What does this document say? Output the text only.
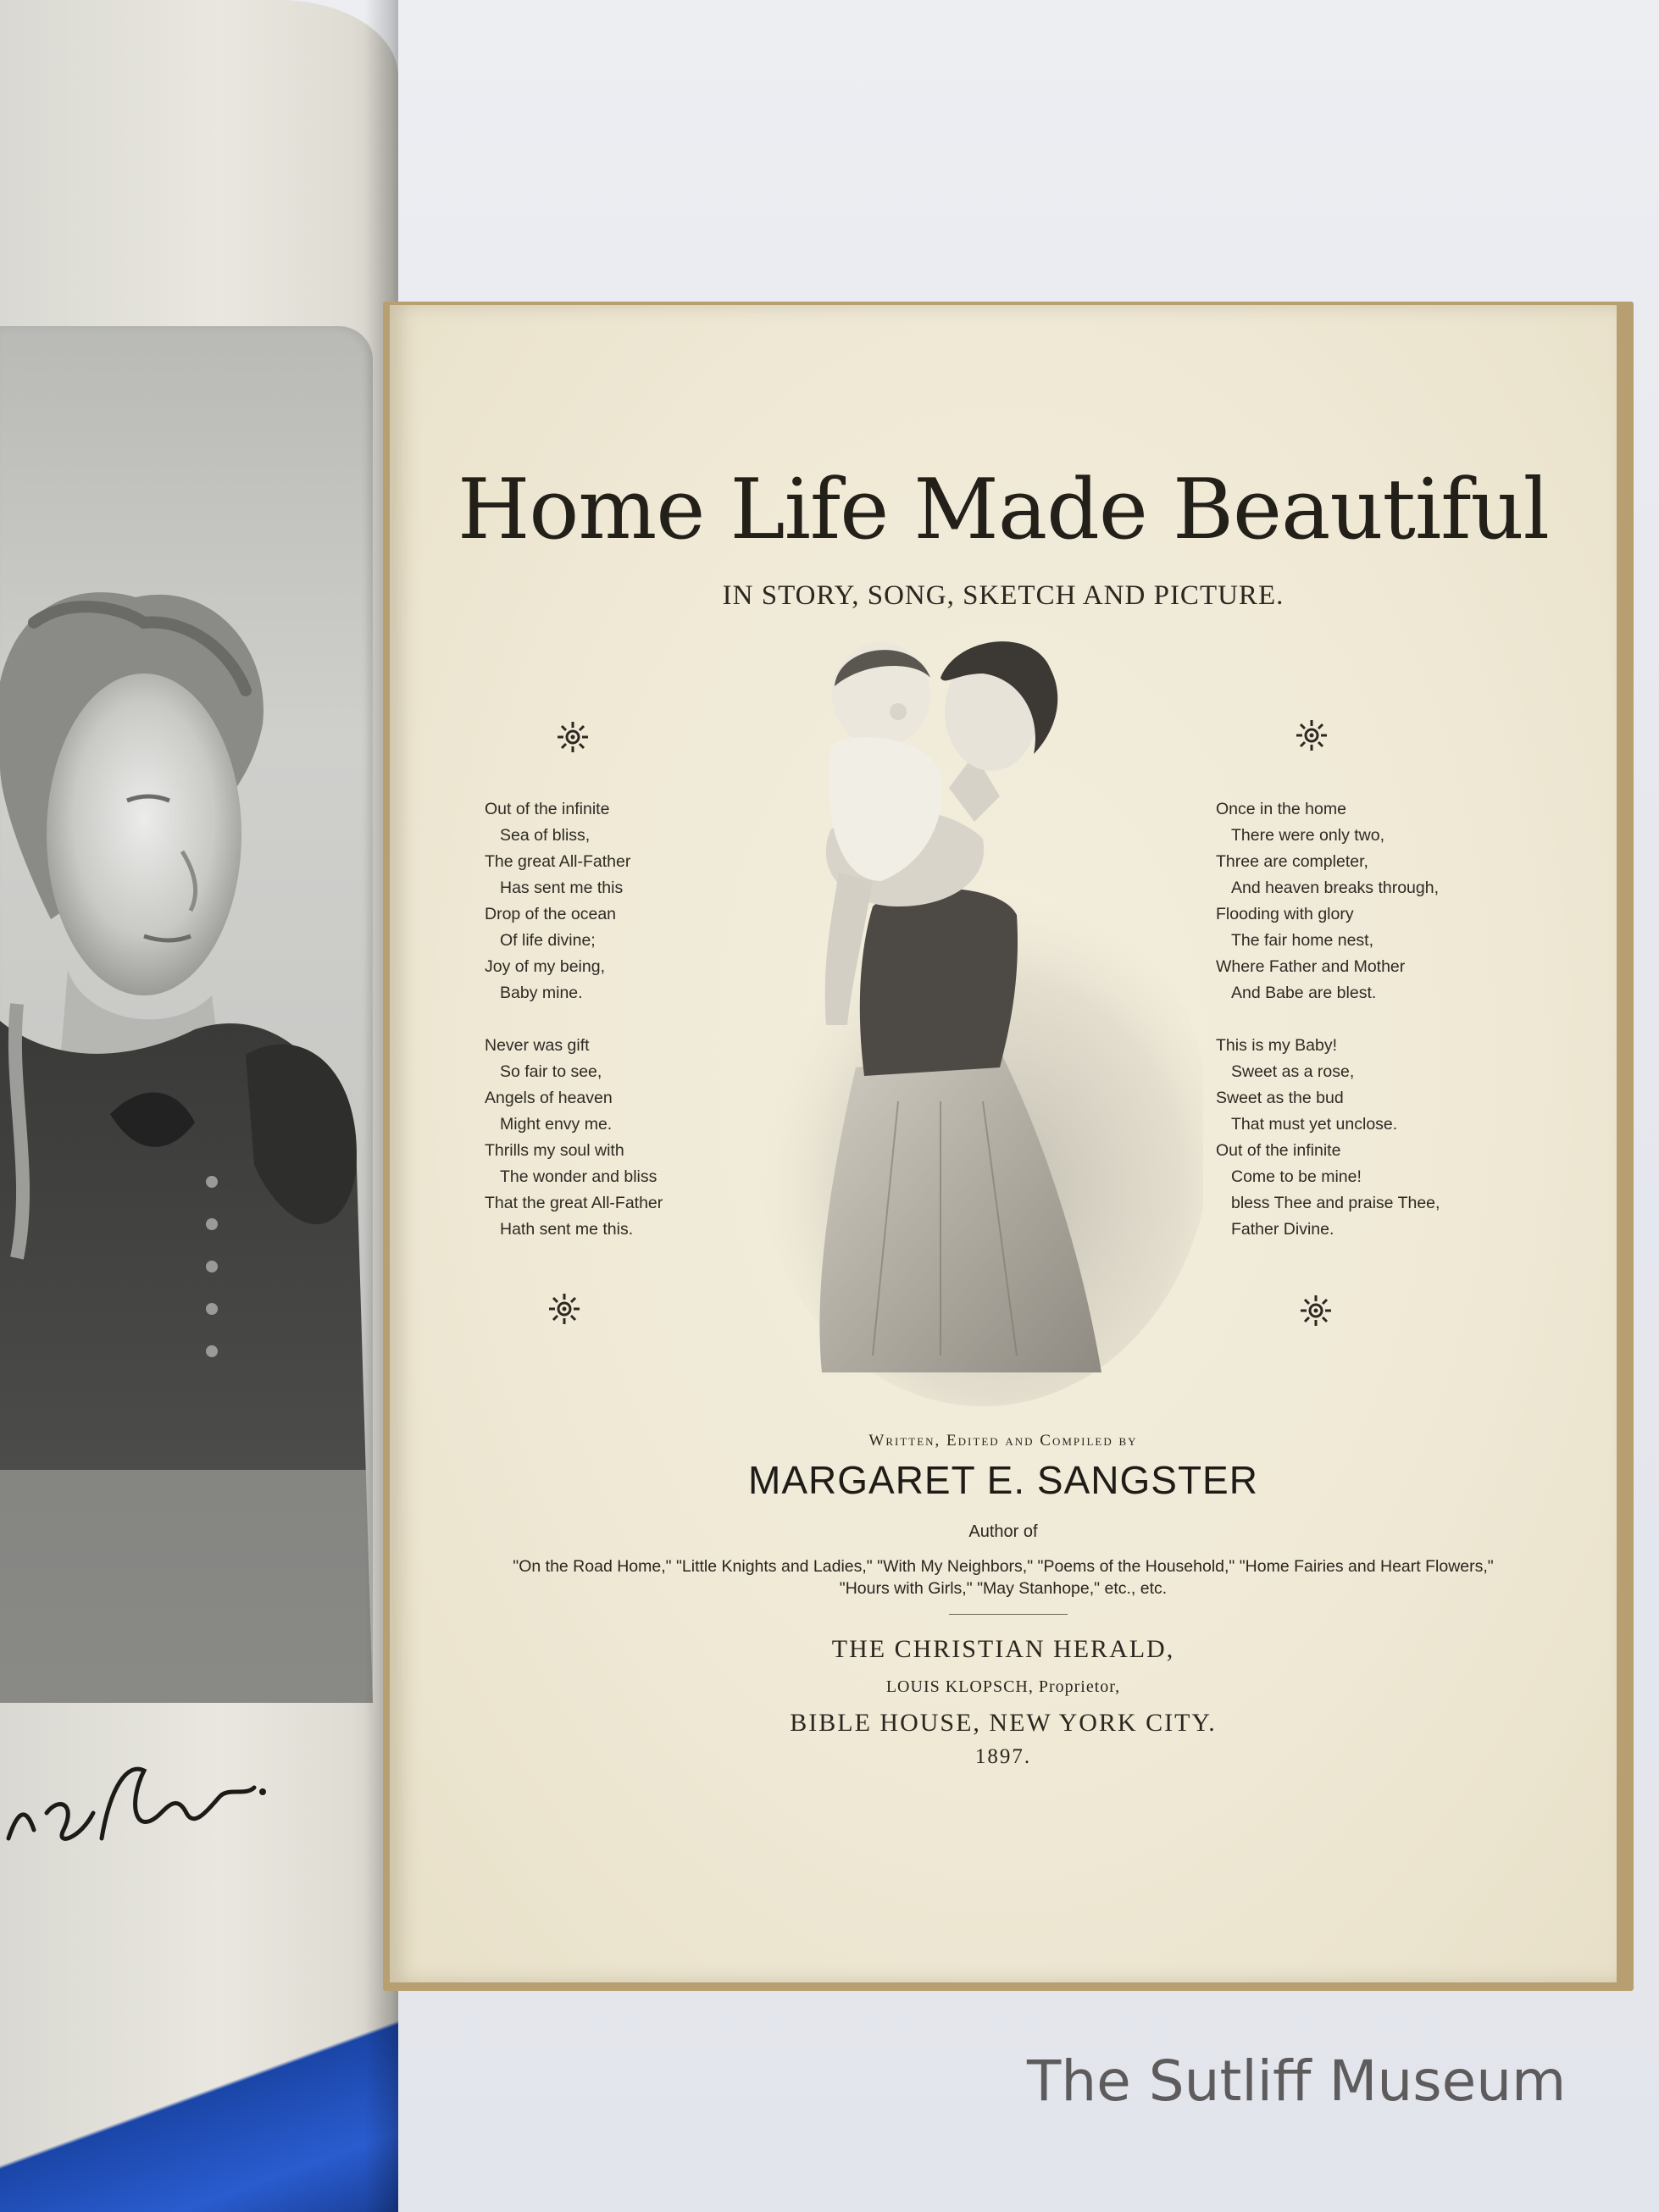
Home Life Made Beautiful
IN STORY, SONG, SKETCH AND PICTURE.
Out of the infinite
Sea of bliss,
The great All-Father
Has sent me this
Drop of the ocean
Of life divine;
Joy of my being,
Baby mine.
Never was gift
So fair to see,
Angels of heaven
Might envy me.
Thrills my soul with
The wonder and bliss
That the great All-Father
Hath sent me this.
Once in the home
There were only two,
Three are completer,
And heaven breaks through,
Flooding with glory
The fair home nest,
Where Father and Mother
And Babe are blest.
This is my Baby!
Sweet as a rose,
Sweet as the bud
That must yet unclose.
Out of the infinite
Come to be mine!
bless Thee and praise Thee,
Father Divine.
Written, Edited and Compiled by
MARGARET E. SANGSTER
Author of
"On the Road Home," "Little Knights and Ladies," "With My Neighbors," "Poems of the Household," "Home Fairies and Heart Flowers," "Hours with Girls," "May Stanhope," etc., etc.
THE CHRISTIAN HERALD,
LOUIS KLOPSCH, Proprietor,
BIBLE HOUSE, NEW YORK CITY.
1897.
The Sutliff Museum
